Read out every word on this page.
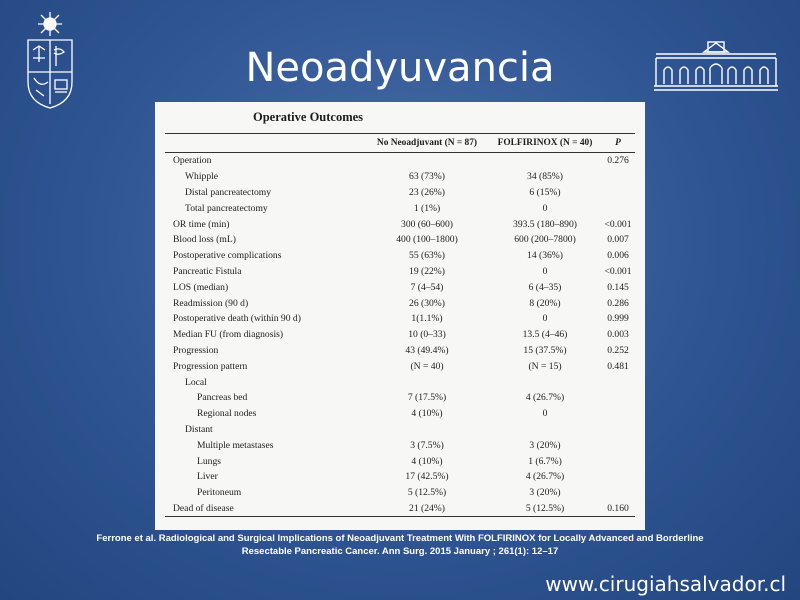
Neoadyuvancia
Operative Outcomes
	No Neoadjuvant (N = 87)	FOLFIRINOX (N = 40)	P
Operation			0.276
Whipple	63 (73%)	34 (85%)	
Distal pancreatectomy	23 (26%)	6 (15%)	
Total pancreatectomy	1 (1%)	0	
OR time (min)	300 (60–600)	393.5 (180–890)	<0.001
Blood loss (mL)	400 (100–1800)	600 (200–7800)	0.007
Postoperative complications	55 (63%)	14 (36%)	0.006
Pancreatic Fistula	19 (22%)	0	<0.001
LOS (median)	7 (4–54)	6 (4–35)	0.145
Readmission (90 d)	26 (30%)	8 (20%)	0.286
Postoperative death (within 90 d)	1(1.1%)	0	0.999
Median FU (from diagnosis)	10 (0–33)	13.5 (4–46)	0.003
Progression	43 (49.4%)	15 (37.5%)	0.252
Progression pattern	(N = 40)	(N = 15)	0.481
Local			
Pancreas bed	7 (17.5%)	4 (26.7%)	
Regional nodes	4 (10%)	0	
Distant			
Multiple metastases	3 (7.5%)	3 (20%)	
Lungs	4 (10%)	1 (6.7%)	
Liver	17 (42.5%)	4 (26.7%)	
Peritoneum	5 (12.5%)	3 (20%)	
Dead of disease	21 (24%)	5 (12.5%)	0.160
Ferrone et al. Radiological and Surgical Implications of Neoadjuvant Treatment With FOLFIRINOX for Locally Advanced and Borderline
Resectable Pancreatic Cancer. Ann Surg. 2015 January ; 261(1): 12–17
www.cirugiahsalvador.cl
